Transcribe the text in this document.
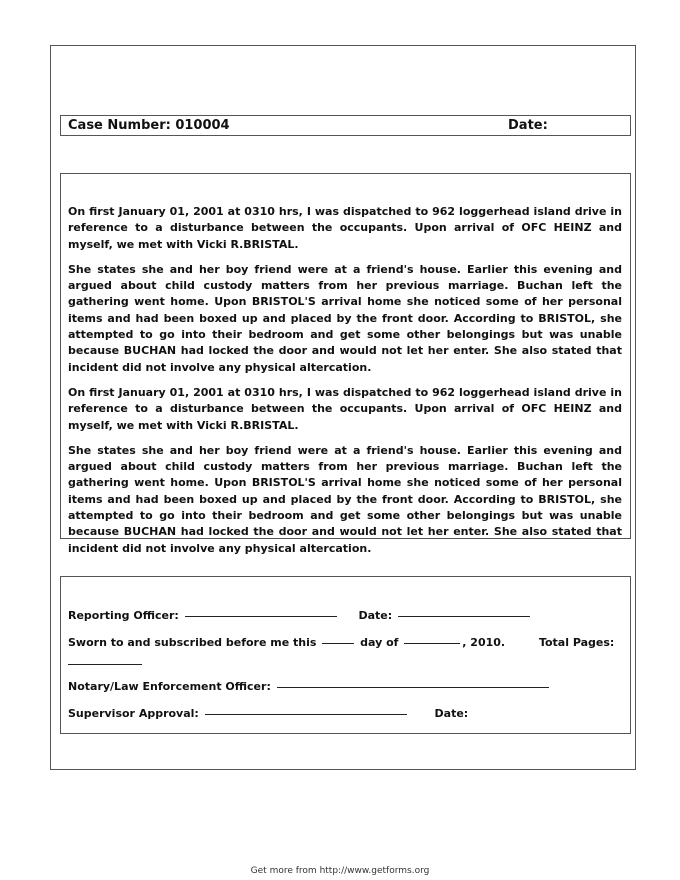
Case Number: 010004	Date:

On first January 01, 2001 at 0310 hrs, I was dispatched to 962 loggerhead island drive in reference to a disturbance between the occupants. Upon arrival of OFC HEINZ and myself, we met with Vicki R.BRISTAL.

She states she and her boy friend were at a friend's house. Earlier this evening and argued about child custody matters from her previous marriage. Buchan left the gathering went home. Upon BRISTOL'S arrival home she noticed some of her personal items and had been boxed up and placed by the front door. According to BRISTOL, she attempted to go into their bedroom and get some other belongings but was unable because BUCHAN had locked the door and would not let her enter. She also stated that incident did not involve any physical altercation.

On first January 01, 2001 at 0310 hrs, I was dispatched to 962 loggerhead island drive in reference to a disturbance between the occupants. Upon arrival of OFC HEINZ and myself, we met with Vicki R.BRISTAL.

She states she and her boy friend were at a friend's house. Earlier this evening and argued about child custody matters from her previous marriage. Buchan left the gathering went home. Upon BRISTOL'S arrival home she noticed some of her personal items and had been boxed up and placed by the front door. According to BRISTOL, she attempted to go into their bedroom and get some other belongings but was unable because BUCHAN had locked the door and would not let her enter. She also stated that incident did not involve any physical altercation.

Reporting Officer:	Date:
Sworn to and subscribed before me this	day of	, 2010.	Total Pages:
Notary/Law Enforcement Officer:
Supervisor Approval:	Date:
Get more from http://www.getforms.org
